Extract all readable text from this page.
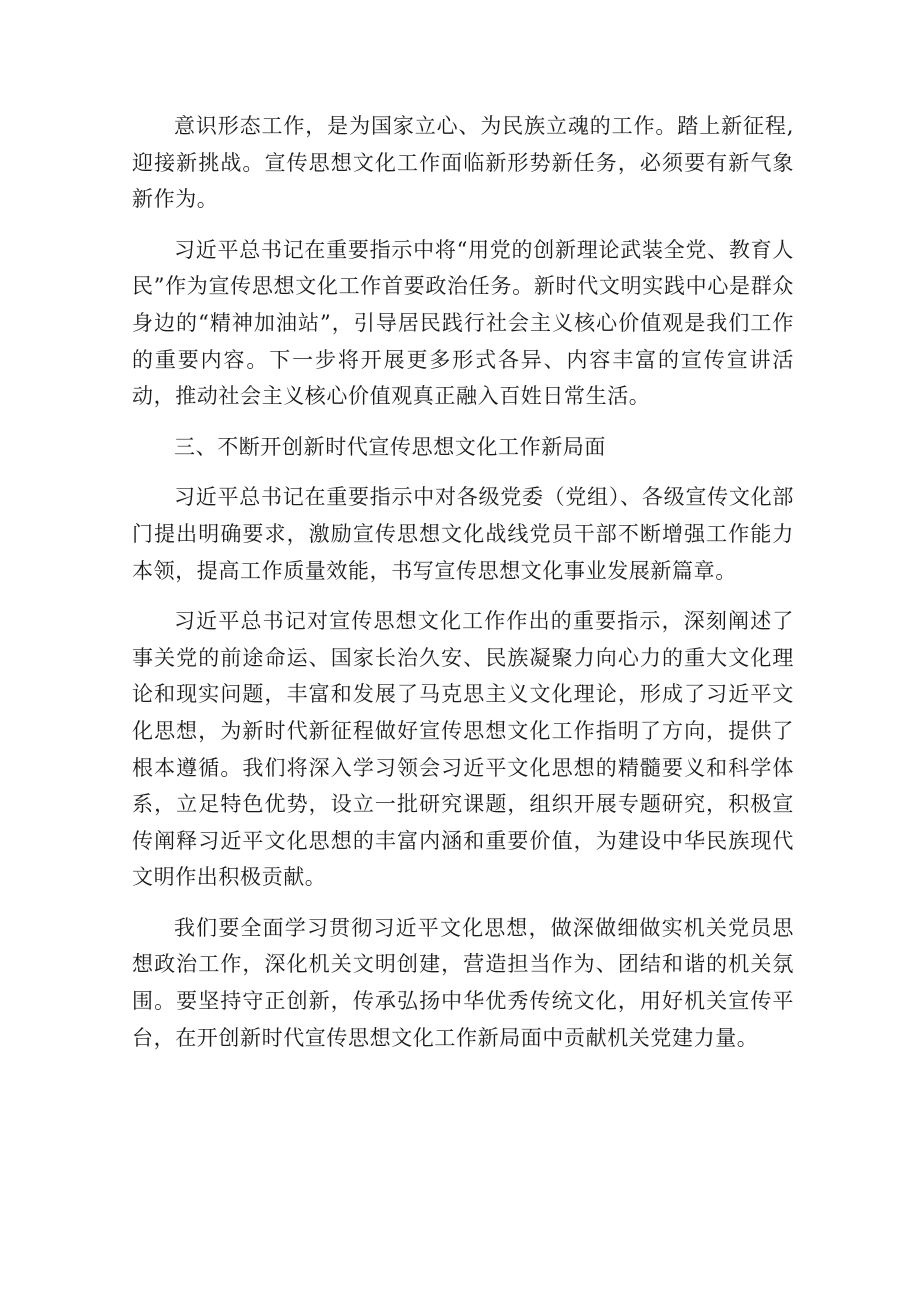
意识形态工作，是为国家立心、为民族立魂的工作。踏上新征程,迎接新挑战。宣传思想文化工作面临新形势新任务，必须要有新气象新作为。

习近平总书记在重要指示中将“用党的创新理论武装全党、教育人民”作为宣传思想文化工作首要政治任务。新时代文明实践中心是群众身边的“精神加油站”，引导居民践行社会主义核心价值观是我们工作的重要内容。下一步将开展更多形式各异、内容丰富的宣传宣讲活动，推动社会主义核心价值观真正融入百姓日常生活。

三、不断开创新时代宣传思想文化工作新局面

习近平总书记在重要指示中对各级党委（党组）、各级宣传文化部门提出明确要求，激励宣传思想文化战线党员干部不断增强工作能力本领，提高工作质量效能，书写宣传思想文化事业发展新篇章。

习近平总书记对宣传思想文化工作作出的重要指示，深刻阐述了事关党的前途命运、国家长治久安、民族凝聚力向心力的重大文化理论和现实问题，丰富和发展了马克思主义文化理论，形成了习近平文化思想，为新时代新征程做好宣传思想文化工作指明了方向，提供了根本遵循。我们将深入学习领会习近平文化思想的精髓要义和科学体系，立足特色优势，设立一批研究课题，组织开展专题研究，积极宣传阐释习近平文化思想的丰富内涵和重要价值，为建设中华民族现代文明作出积极贡献。

我们要全面学习贯彻习近平文化思想，做深做细做实机关党员思想政治工作，深化机关文明创建，营造担当作为、团结和谐的机关氛围。要坚持守正创新，传承弘扬中华优秀传统文化，用好机关宣传平台，在开创新时代宣传思想文化工作新局面中贡献机关党建力量。
